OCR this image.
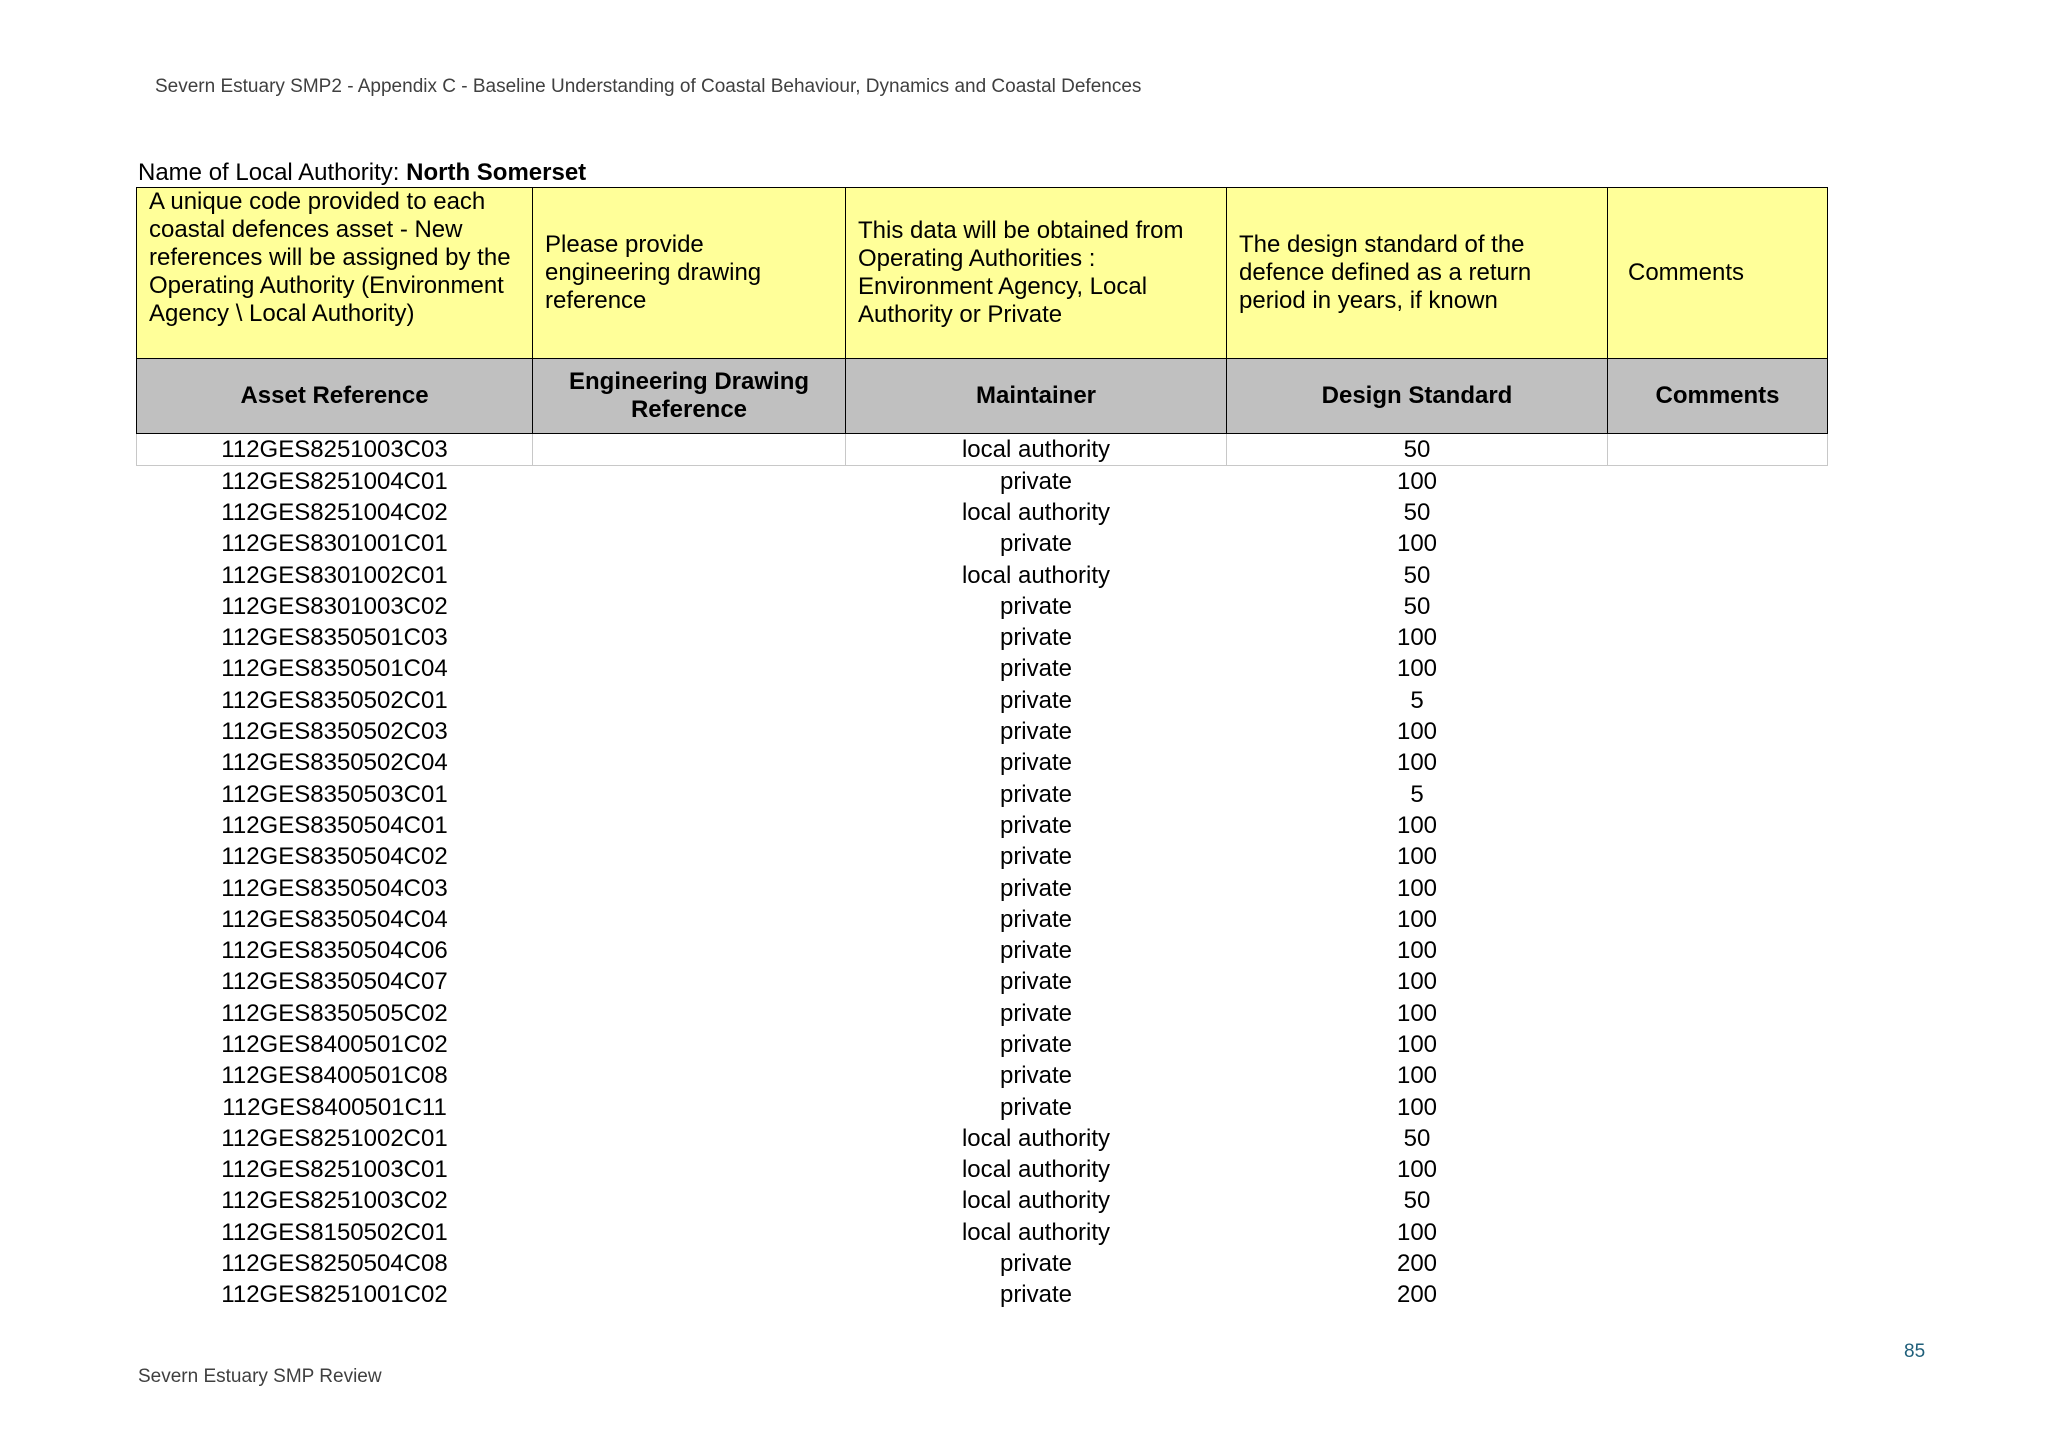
Severn Estuary SMP2 - Appendix C - Baseline Understanding of Coastal Behaviour, Dynamics and Coastal Defences
Name of Local Authority: North Somerset
A unique code provided to each coastal defences asset - New references will be assigned by the Operating Authority (Environment Agency \ Local Authority)	Please provide engineering drawing reference	This data will be obtained from Operating Authorities : Environment Agency, Local Authority or Private	The design standard of the defence defined as a return period in years, if known	Comments
Asset Reference	Engineering Drawing Reference	Maintainer	Design Standard	Comments
112GES8251003C03		local authority	50	
112GES8251004C01		private	100	
112GES8251004C02		local authority	50	
112GES8301001C01		private	100	
112GES8301002C01		local authority	50	
112GES8301003C02		private	50	
112GES8350501C03		private	100	
112GES8350501C04		private	100	
112GES8350502C01		private	5	
112GES8350502C03		private	100	
112GES8350502C04		private	100	
112GES8350503C01		private	5	
112GES8350504C01		private	100	
112GES8350504C02		private	100	
112GES8350504C03		private	100	
112GES8350504C04		private	100	
112GES8350504C06		private	100	
112GES8350504C07		private	100	
112GES8350505C02		private	100	
112GES8400501C02		private	100	
112GES8400501C08		private	100	
112GES8400501C11		private	100	
112GES8251002C01		local authority	50	
112GES8251003C01		local authority	100	
112GES8251003C02		local authority	50	
112GES8150502C01		local authority	100	
112GES8250504C08		private	200	
112GES8251001C02		private	200	
85
Severn Estuary SMP Review
